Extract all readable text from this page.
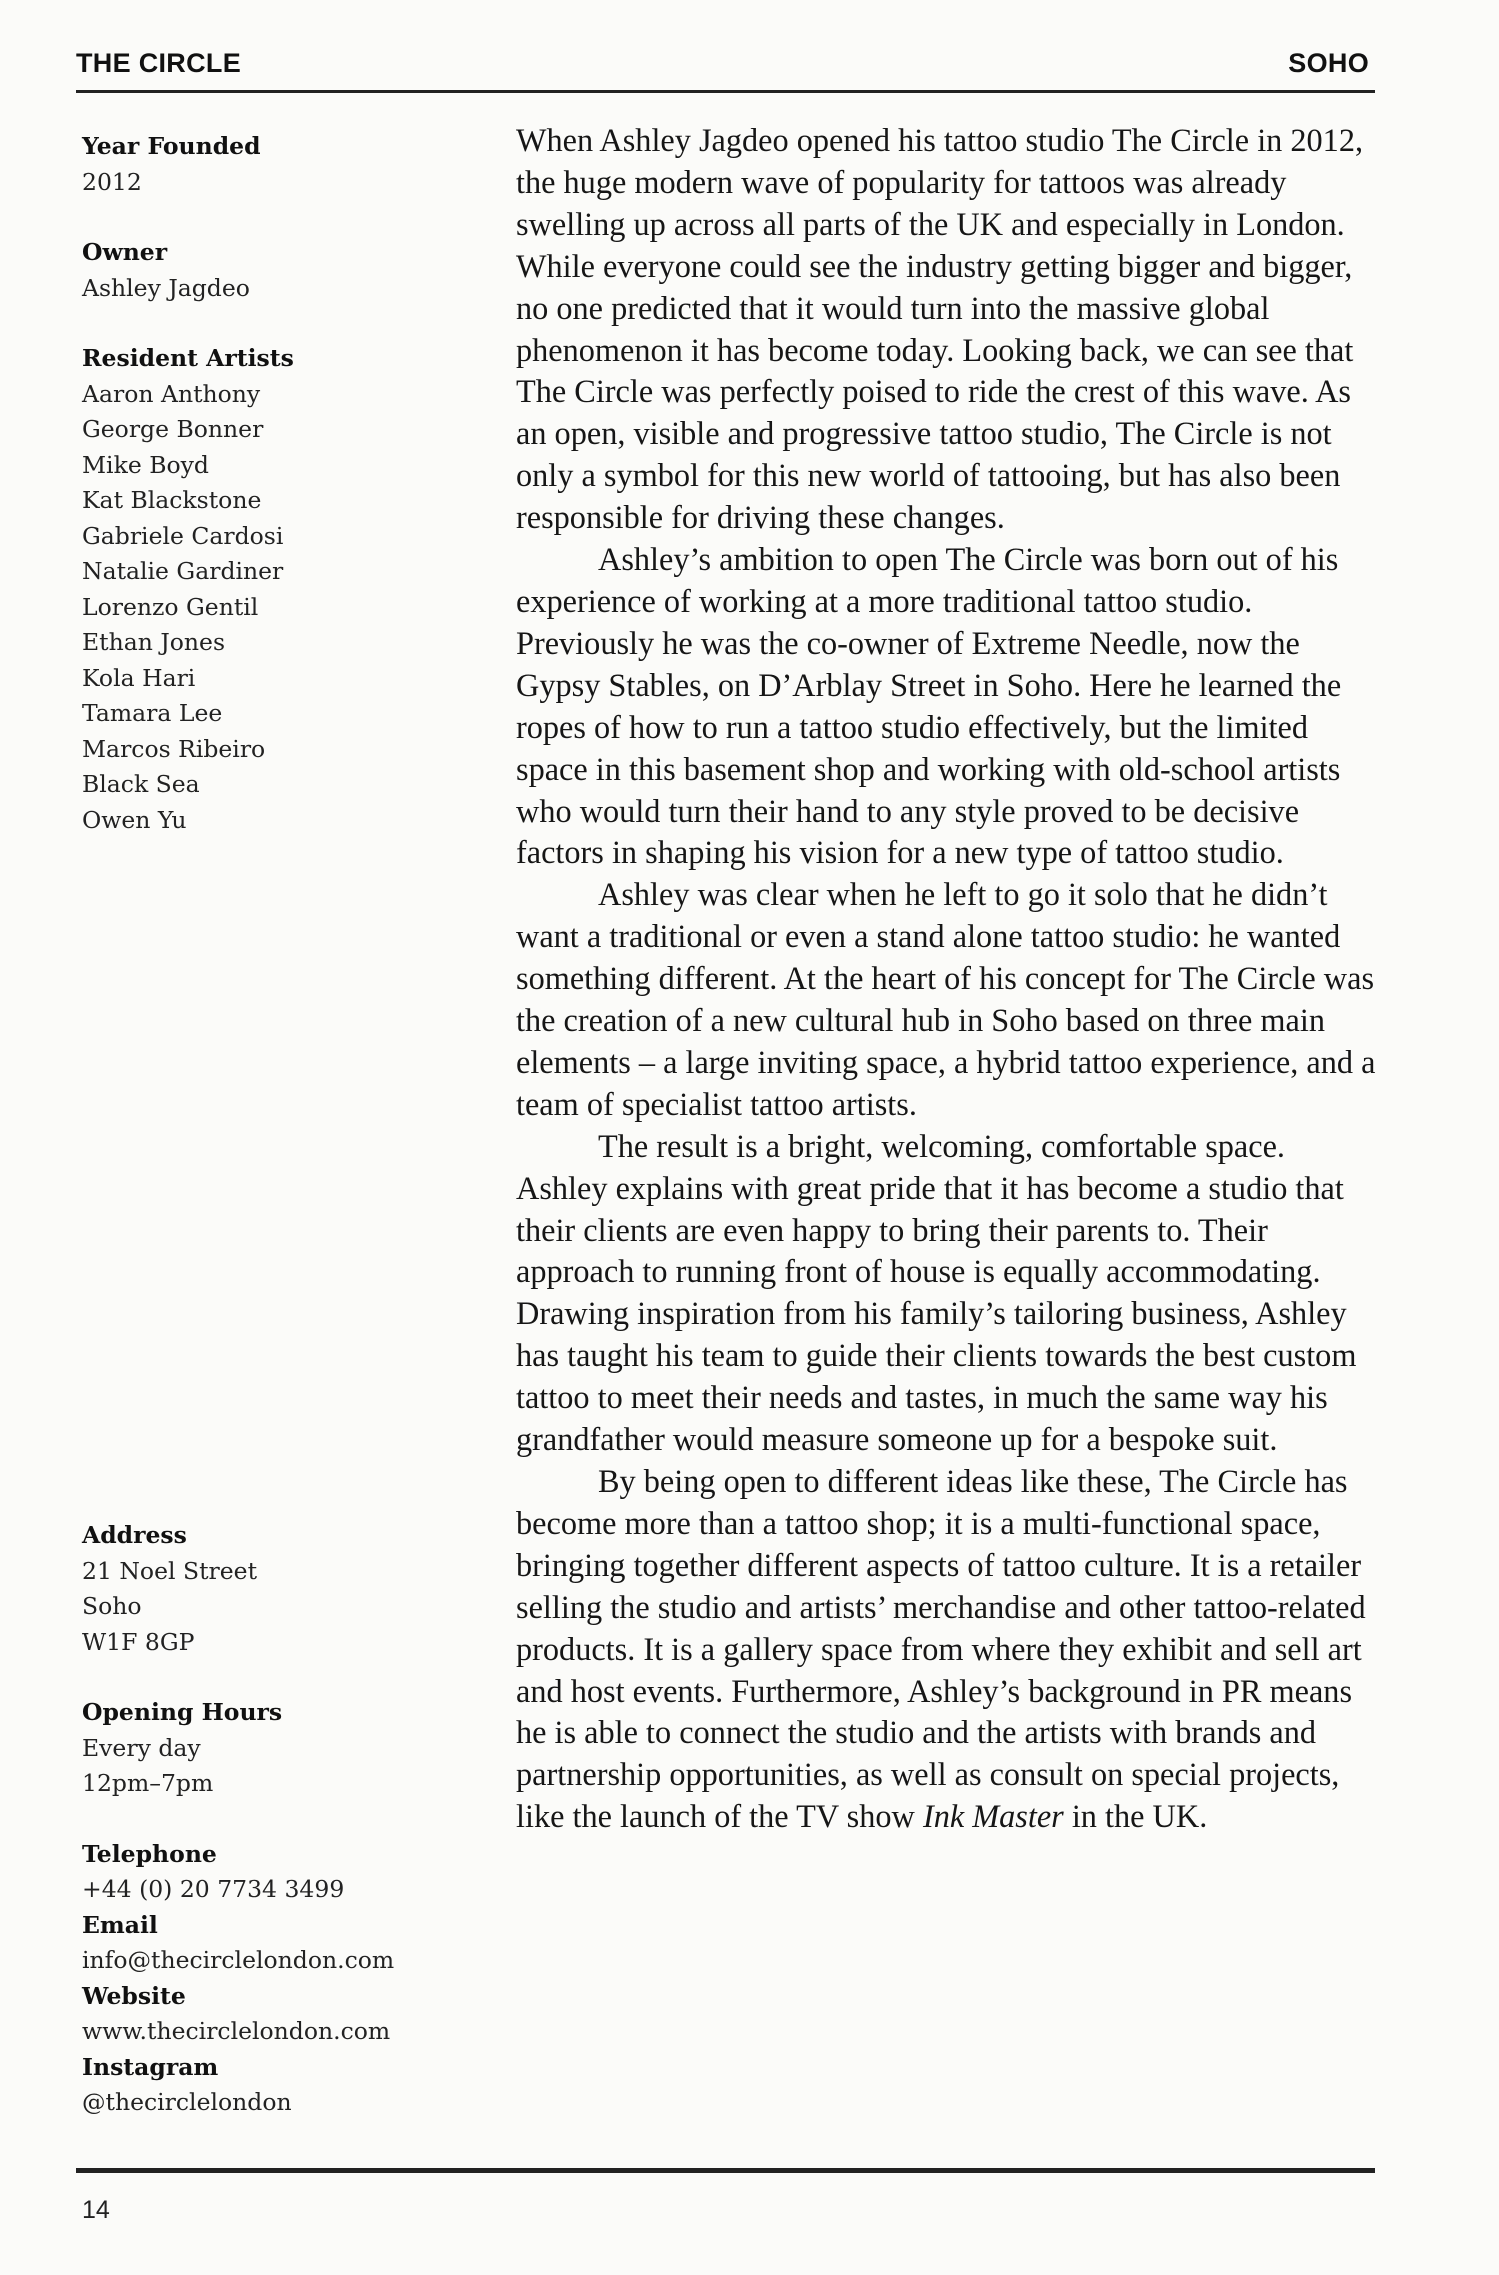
THE CIRCLE	SOHO
Year Founded
2012
Owner
Ashley Jagdeo
Resident Artists
Aaron Anthony
George Bonner
Mike Boyd
Kat Blackstone
Gabriele Cardosi
Natalie Gardiner
Lorenzo Gentil
Ethan Jones
Kola Hari
Tamara Lee
Marcos Ribeiro
Black Sea
Owen Yu
Address
21 Noel Street
Soho
W1F 8GP
Opening Hours
Every day
12pm–7pm
Telephone
+44 (0) 20 7734 3499
Email
info@thecirclelondon.com
Website
www.thecirclelondon.com
Instagram
@thecirclelondon

When Ashley Jagdeo opened his tattoo studio The Circle in 2012, the huge modern wave of popularity for tattoos was already swelling up across all parts of the UK and especially in London. While everyone could see the industry getting bigger and bigger, no one predicted that it would turn into the massive global phenomenon it has become today. Looking back, we can see that The Circle was perfectly poised to ride the crest of this wave. As an open, visible and progressive tattoo studio, The Circle is not only a symbol for this new world of tattooing, but has also been responsible for driving these changes.

Ashley’s ambition to open The Circle was born out of his experience of working at a more traditional tattoo studio. Previously he was the co-owner of Extreme Needle, now the Gypsy Stables, on D’Arblay Street in Soho. Here he learned the ropes of how to run a tattoo studio effectively, but the limited space in this basement shop and working with old-school artists who would turn their hand to any style proved to be decisive factors in shaping his vision for a new type of tattoo studio.

Ashley was clear when he left to go it solo that he didn’t want a traditional or even a stand alone tattoo studio: he wanted something different. At the heart of his concept for The Circle was the creation of a new cultural hub in Soho based on three main elements – a large inviting space, a hybrid tattoo experience, and a team of specialist tattoo artists.

The result is a bright, welcoming, comfortable space. Ashley explains with great pride that it has become a studio that their clients are even happy to bring their parents to. Their approach to running front of house is equally accommodating. Drawing inspiration from his family’s tailoring business, Ashley has taught his team to guide their clients towards the best custom tattoo to meet their needs and tastes, in much the same way his grandfather would measure someone up for a bespoke suit.

By being open to different ideas like these, The Circle has become more than a tattoo shop; it is a multi-functional space, bringing together different aspects of tattoo culture. It is a retailer selling the studio and artists’ merchandise and other tattoo-related products. It is a gallery space from where they exhibit and sell art and host events. Furthermore, Ashley’s background in PR means he is able to connect the studio and the artists with brands and partnership opportunities, as well as consult on special projects, like the launch of the TV show Ink Master in the UK.

14
